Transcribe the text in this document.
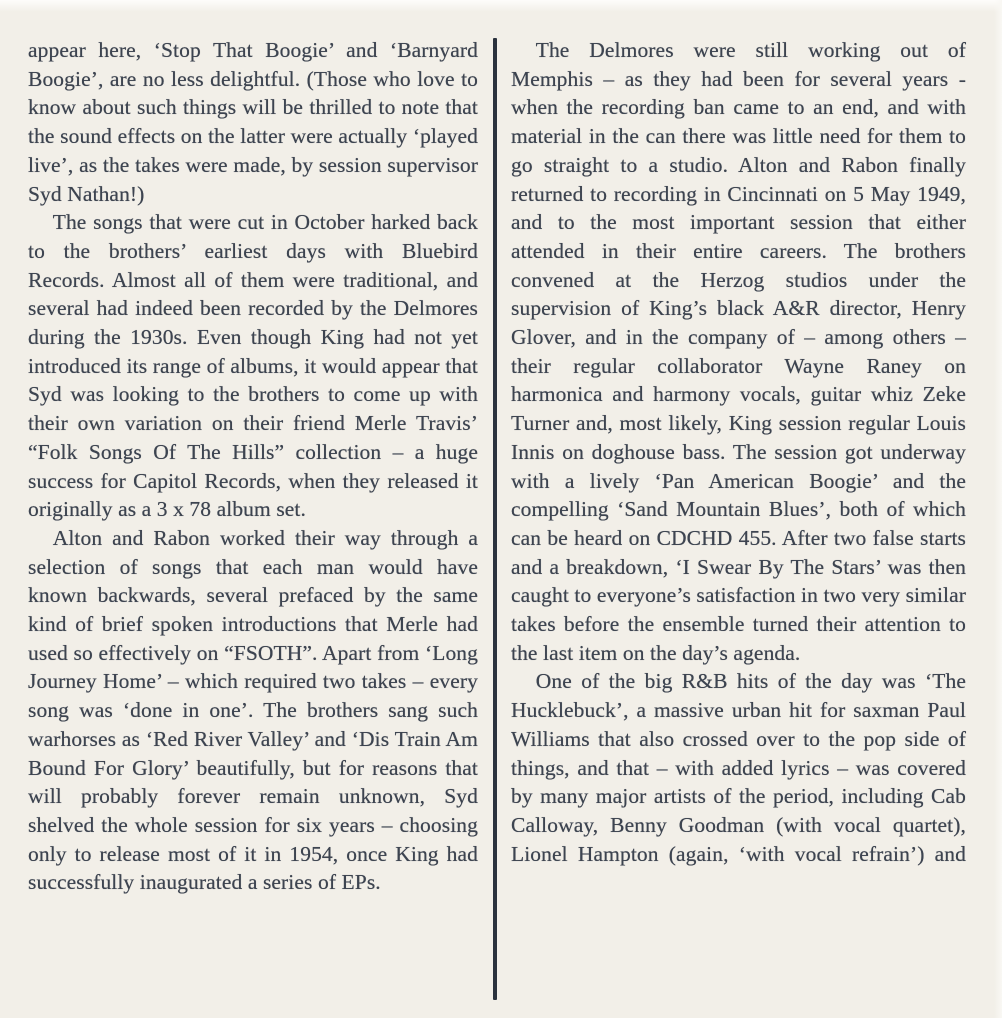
appear here, ‘Stop That Boogie’ and ‘Barnyard Boogie’, are no less delightful. (Those who love to know about such things will be thrilled to note that the sound effects on the latter were actually ‘played live’, as the takes were made, by session supervisor Syd Nathan!)

The songs that were cut in October harked back to the brothers’ earliest days with Bluebird Records. Almost all of them were traditional, and several had indeed been recorded by the Delmores during the 1930s. Even though King had not yet introduced its range of albums, it would appear that Syd was looking to the brothers to come up with their own variation on their friend Merle Travis’ “Folk Songs Of The Hills” collection – a huge success for Capitol Records, when they released it originally as a 3 x 78 album set.

Alton and Rabon worked their way through a selection of songs that each man would have known backwards, several prefaced by the same kind of brief spoken introductions that Merle had used so effectively on “FSOTH”. Apart from ‘Long Journey Home’ – which required two takes – every song was ‘done in one’. The brothers sang such warhorses as ‘Red River Valley’ and ‘Dis Train Am Bound For Glory’ beautifully, but for reasons that will probably forever remain unknown, Syd shelved the whole session for six years – choosing only to release most of it in 1954, once King had successfully inaugurated a series of EPs.

The Delmores were still working out of Memphis – as they had been for several years - when the recording ban came to an end, and with material in the can there was little need for them to go straight to a studio. Alton and Rabon finally returned to recording in Cincinnati on 5 May 1949, and to the most important session that either attended in their entire careers. The brothers convened at the Herzog studios under the supervision of King’s black A&R director, Henry Glover, and in the company of – among others – their regular collaborator Wayne Raney on harmonica and harmony vocals, guitar whiz Zeke Turner and, most likely, King session regular Louis Innis on doghouse bass. The session got underway with a lively ‘Pan American Boogie’ and the compelling ‘Sand Mountain Blues’, both of which can be heard on CDCHD 455. After two false starts and a breakdown, ‘I Swear By The Stars’ was then caught to everyone’s satisfaction in two very similar takes before the ensemble turned their attention to the last item on the day’s agenda.

One of the big R&B hits of the day was ‘The Hucklebuck’, a massive urban hit for saxman Paul Williams that also crossed over to the pop side of things, and that – with added lyrics – was covered by many major artists of the period, including Cab Calloway, Benny Goodman (with vocal quartet), Lionel Hampton (again, ‘with vocal refrain’) and
